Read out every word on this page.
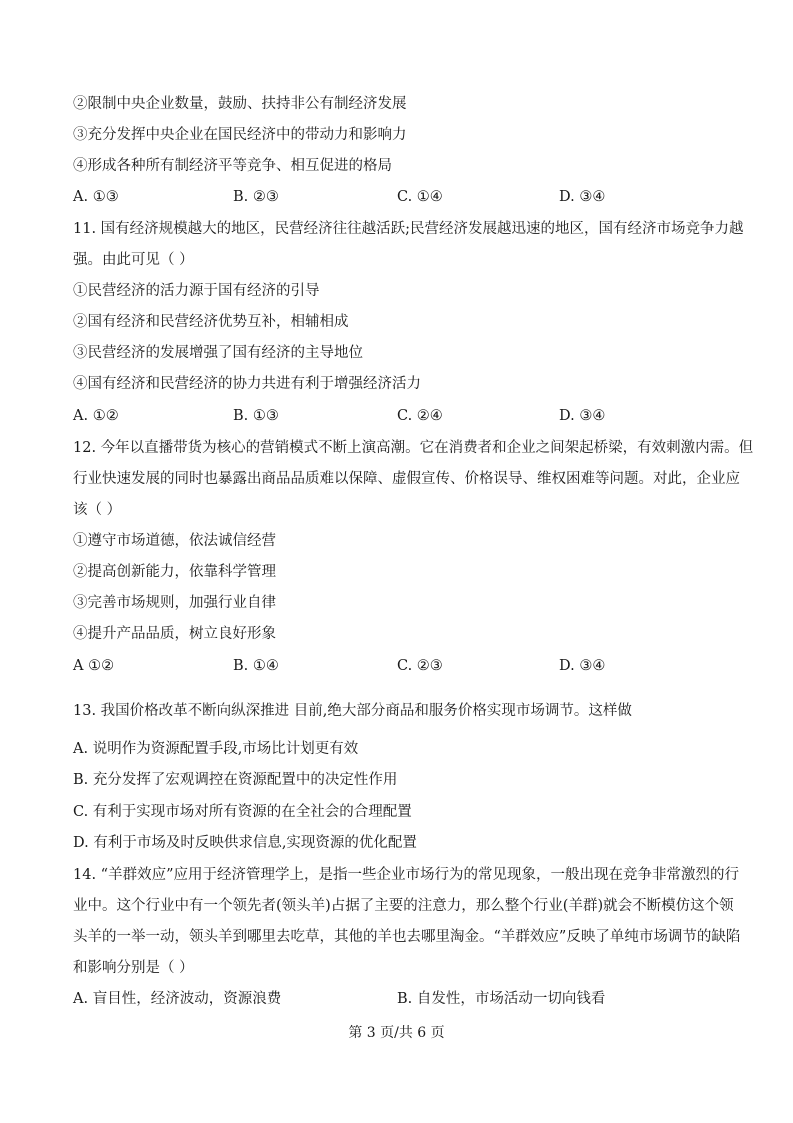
②限制中央企业数量，鼓励、扶持非公有制经济发展
③充分发挥中央企业在国民经济中的带动力和影响力
④形成各种所有制经济平等竞争、相互促进的格局
A. ①③	B. ②③	C. ①④	D. ③④
11. 国有经济规模越大的地区，民营经济往往越活跃;民营经济发展越迅速的地区，国有经济市场竞争力越
强。由此可见（ ）
①民营经济的活力源于国有经济的引导
②国有经济和民营经济优势互补，相辅相成
③民营经济的发展增强了国有经济的主导地位
④国有经济和民营经济的协力共进有利于增强经济活力
A. ①②	B. ①③	C. ②④	D. ③④
12. 今年以直播带货为核心的营销模式不断上演高潮。它在消费者和企业之间架起桥梁，有效刺激内需。但
行业快速发展的同时也暴露出商品品质难以保障、虚假宣传、价格误导、维权困难等问题。对此，企业应
该（ ）
①遵守市场道德，依法诚信经营
②提高创新能力，依靠科学管理
③完善市场规则，加强行业自律
④提升产品品质，树立良好形象
A ①②	B. ①④	C. ②③	D. ③④
13. 我国价格改革不断向纵深推进 目前,绝大部分商品和服务价格实现市场调节。这样做
A. 说明作为资源配置手段,市场比计划更有效
B. 充分发挥了宏观调控在资源配置中的决定性作用
C. 有利于实现市场对所有资源的在全社会的合理配置
D. 有利于市场及时反映供求信息,实现资源的优化配置
14. “羊群效应”应用于经济管理学上，是指一些企业市场行为的常见现象，一般出现在竞争非常激烈的行
业中。这个行业中有一个领先者(领头羊)占据了主要的注意力，那么整个行业(羊群)就会不断模仿这个领
头羊的一举一动，领头羊到哪里去吃草，其他的羊也去哪里淘金。“羊群效应”反映了单纯市场调节的缺陷
和影响分别是（ ）
A. 盲目性，经济波动，资源浪费	B. 自发性，市场活动一切向钱看
第 3 页/共 6 页
